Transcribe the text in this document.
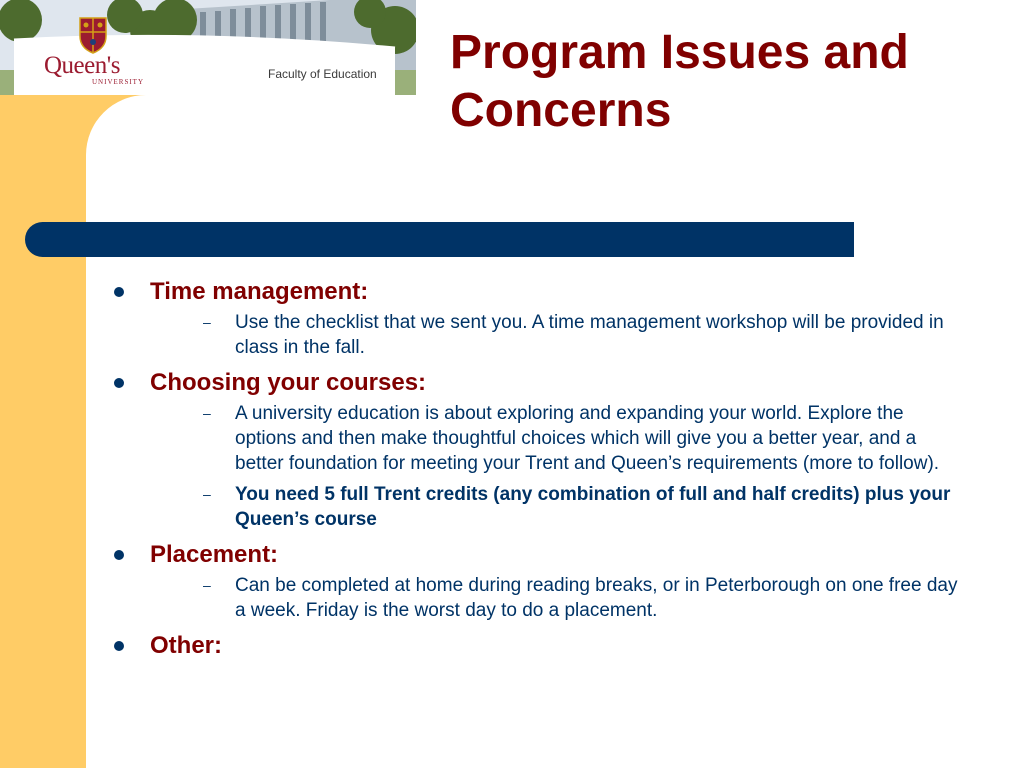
Queen's
UNIVERSITY
Faculty of Education Program Issues and Concerns
Time management:
– Use the checklist that we sent you. A time management workshop will be provided in class in the fall.
Choosing your courses:
– A university education is about exploring and expanding your world. Explore the options and then make thoughtful choices which will give you a better year, and a better foundation for meeting your Trent and Queen’s requirements (more to follow).
– You need 5 full Trent credits (any combination of full and half credits) plus your Queen’s course
Placement:
– Can be completed at home during reading breaks, or in Peterborough on one free day a week. Friday is the worst day to do a placement.
Other:
